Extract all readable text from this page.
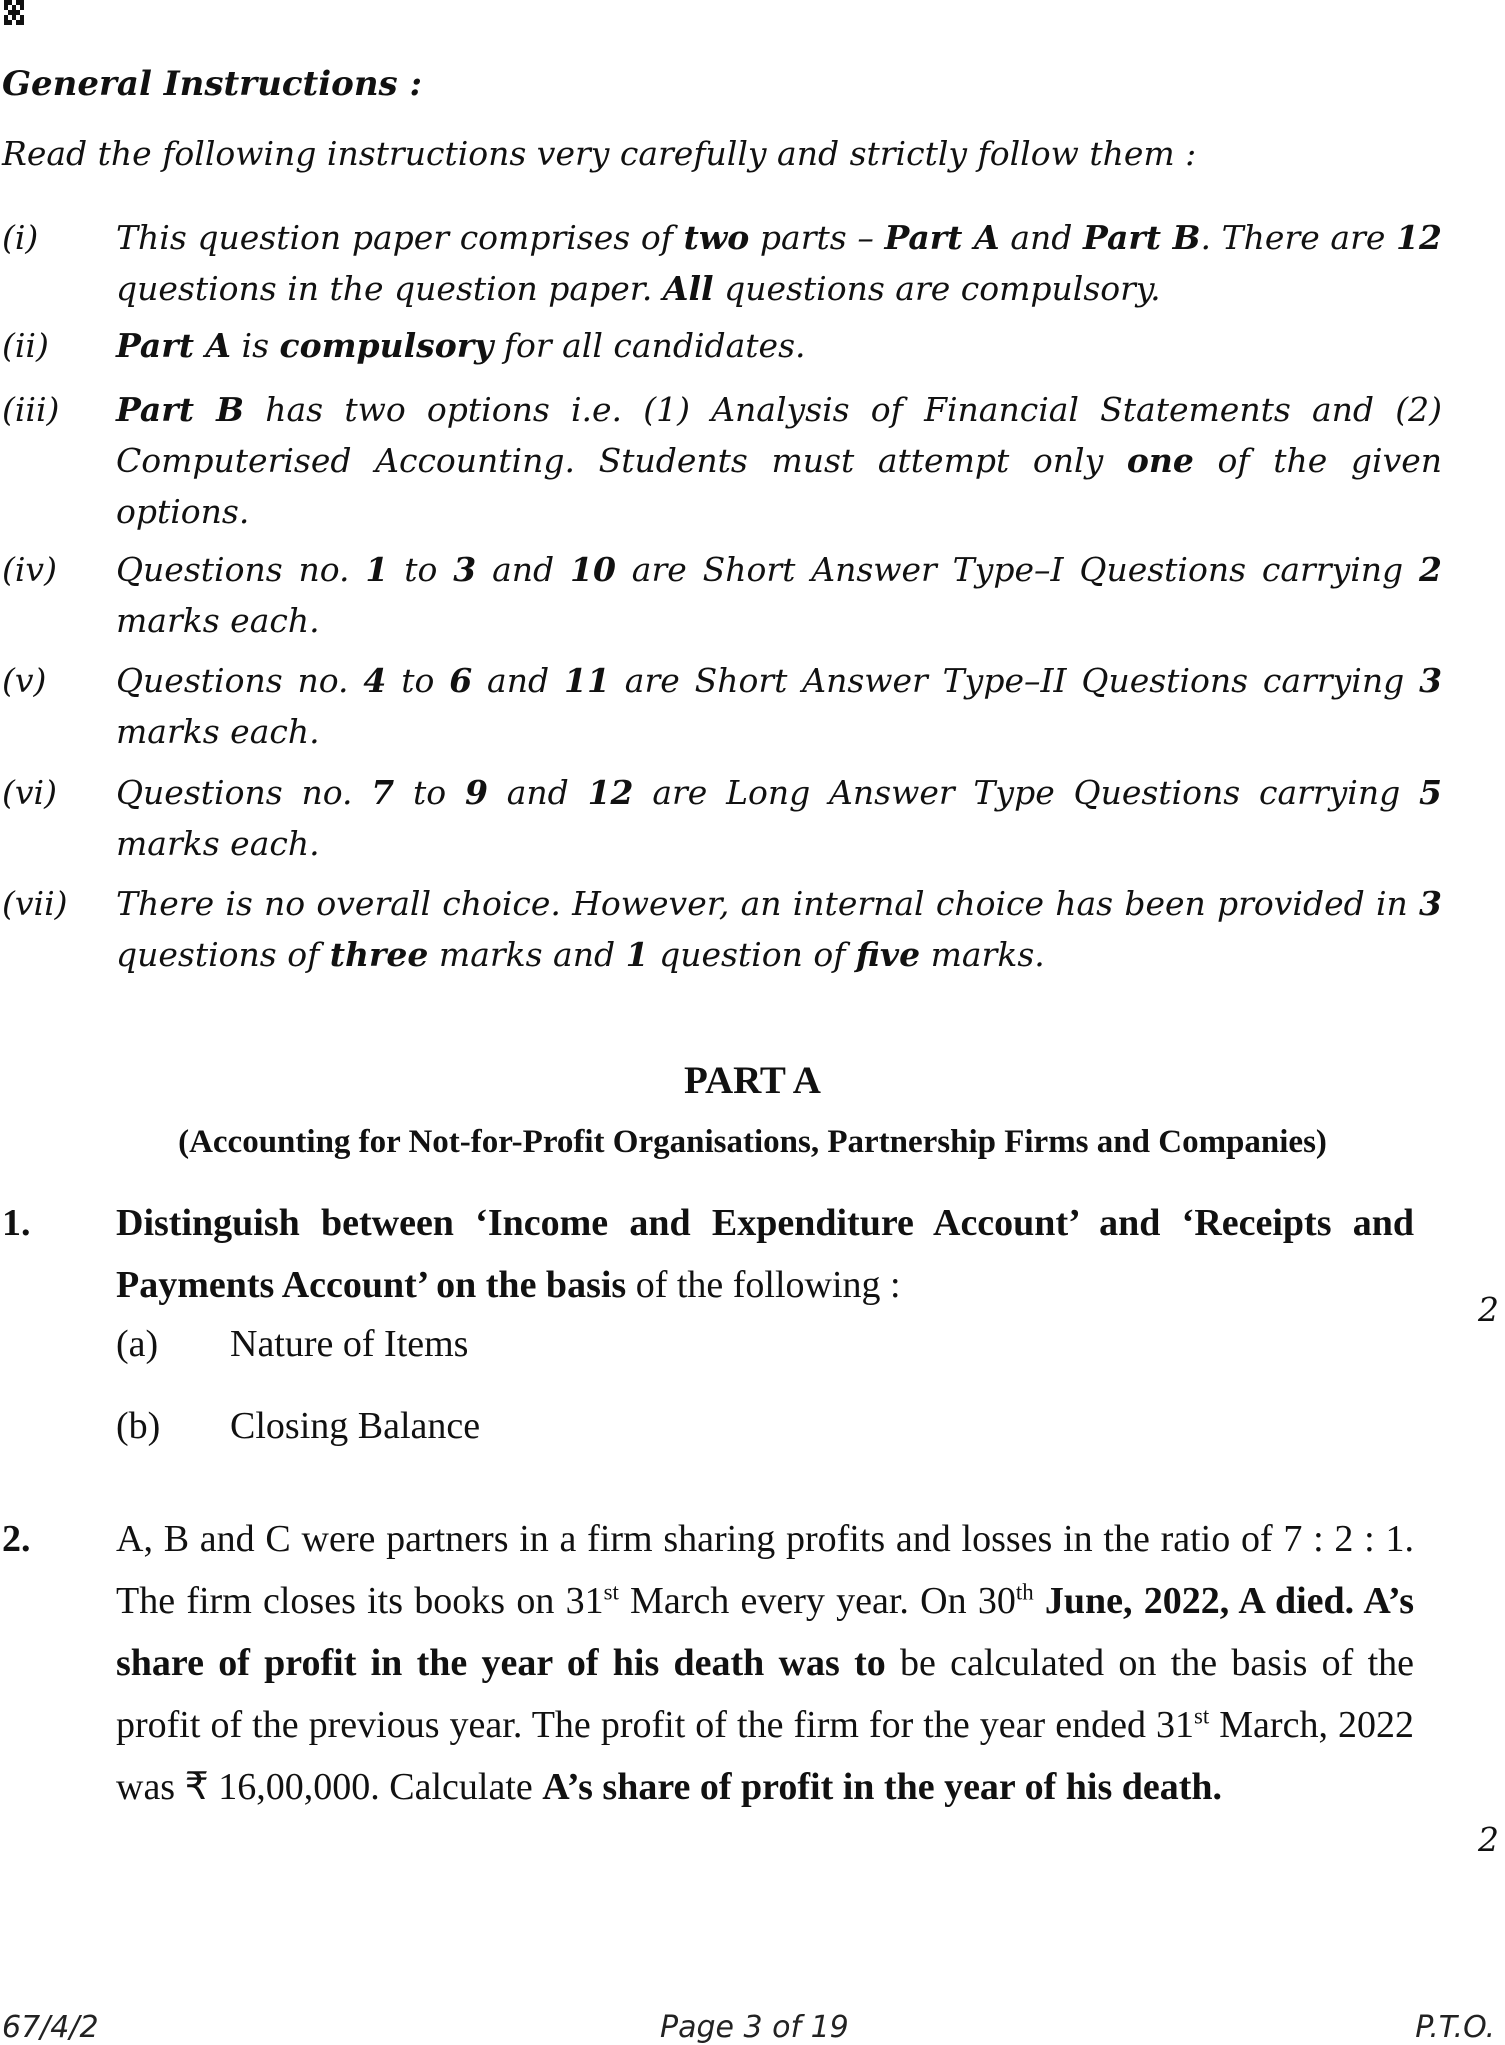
General Instructions :
Read the following instructions very carefully and strictly follow them :
(i) This question paper comprises of two parts – Part A and Part B. There are 12 questions in the question paper. All questions are compulsory.
(ii) Part A is compulsory for all candidates.
(iii) Part B has two options i.e. (1) Analysis of Financial Statements and (2) Computerised Accounting. Students must attempt only one of the given options.
(iv) Questions no. 1 to 3 and 10 are Short Answer Type–I Questions carrying 2 marks each.
(v) Questions no. 4 to 6 and 11 are Short Answer Type–II Questions carrying 3 marks each.
(vi) Questions no. 7 to 9 and 12 are Long Answer Type Questions carrying 5 marks each.
(vii) There is no overall choice. However, an internal choice has been provided in 3 questions of three marks and 1 question of five marks.
PART A
(Accounting for Not-for-Profit Organisations, Partnership Firms and Companies)
1. Distinguish between ‘Income and Expenditure Account’ and ‘Receipts and Payments Account’ on the basis of the following :
2
(a) Nature of Items
(b) Closing Balance
2. A, B and C were partners in a firm sharing profits and losses in the ratio of 7 : 2 : 1. The firm closes its books on 31st March every year. On 30th June, 2022, A died. A’s share of profit in the year of his death was to be calculated on the basis of the profit of the previous year. The profit of the firm for the year ended 31st March, 2022 was ₹ 16,00,000. Calculate A’s share of profit in the year of his death.
2
67/4/2	Page 3 of 19	P.T.O.
